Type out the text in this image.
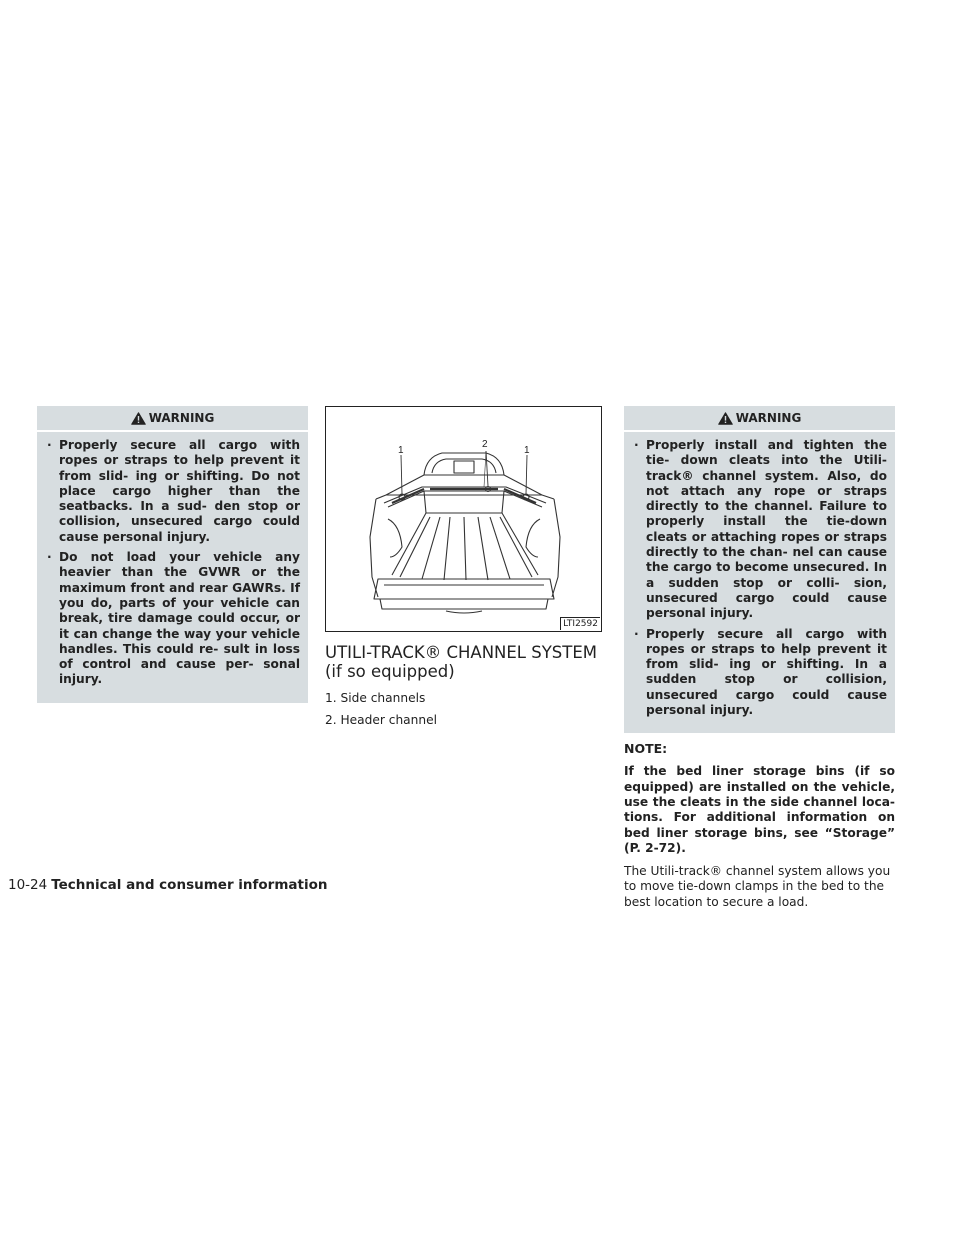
WARNING
· Properly secure all cargo with ropes or straps to help prevent it from slid- ing or shifting. Do not place cargo higher than the seatbacks. In a sud- den stop or collision, unsecured cargo could cause personal injury.
· Do not load your vehicle any heavier than the GVWR or the maximum front and rear GAWRs. If you do, parts of your vehicle can break, tire damage could occur, or it can change the way your vehicle handles. This could re- sult in loss of control and cause per- sonal injury.
1
2
1
LTI2592
UTILI-TRACK® CHANNEL SYSTEM (if so equipped)
1. Side channels
2. Header channel
WARNING
· Properly install and tighten the tie- down cleats into the Utili-track® channel system. Also, do not attach any rope or straps directly to the channel. Failure to properly install the tie-down cleats or attaching ropes or straps directly to the chan- nel can cause the cargo to become unsecured. In a sudden stop or colli- sion, unsecured cargo could cause personal injury.
· Properly secure all cargo with ropes or straps to help prevent it from slid- ing or shifting. In a sudden stop or collision, unsecured cargo could cause personal injury.
NOTE:

If the bed liner storage bins (if so equipped) are installed on the vehicle, use the cleats in the side channel loca- tions. For additional information on bed liner storage bins, see “Storage” (P. 2-72).

The Utili-track® channel system allows you to move tie-down clamps in the bed to the best location to secure a load.

10-24 Technical and consumer information
